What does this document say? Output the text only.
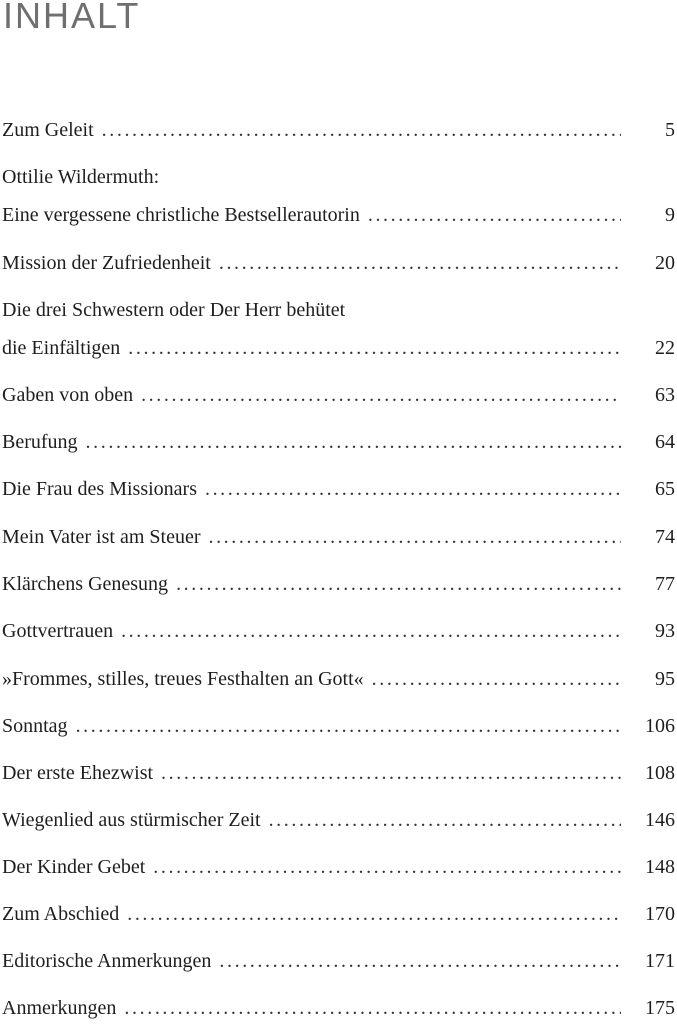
INHALT
Zum Geleit . . .	5
Ottilie Wildermuth:
Eine vergessene christliche Bestsellerautorin . . .	9
Mission der Zufriedenheit . . .	20
Die drei Schwestern oder Der Herr behütet
die Einfältigen . . .	22
Gaben von oben . . .	63
Berufung . . .	64
Die Frau des Missionars . . .	65
Mein Vater ist am Steuer . . .	74
Klärchens Genesung . . .	77
Gottvertrauen . . .	93
»Frommes, stilles, treues Festhalten an Gott« . . .	95
Sonntag . . .	106
Der erste Ehezwist . . .	108
Wiegenlied aus stürmischer Zeit . . .	146
Der Kinder Gebet . . .	148
Zum Abschied . . .	170
Editorische Anmerkungen . . .	171
Anmerkungen . . .	175
